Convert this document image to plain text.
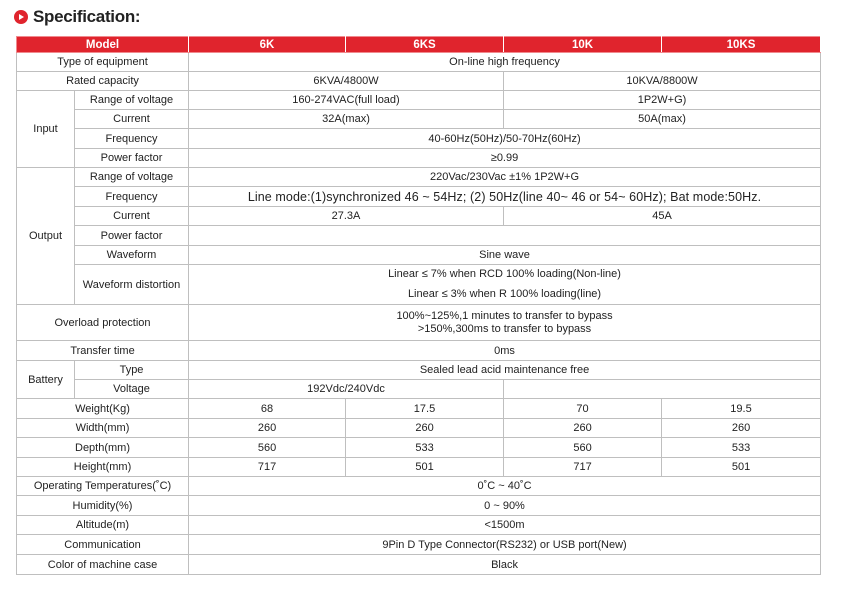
Specification:
Model		6K	6KS	10K	10KS
Type of equipment		On-line high frequency			
Rated capacity		6KVA/4800W		10KVA/8800W	
Input	Range of voltage	160-274VAC(full load)		1P2W+G)	
	Current	32A(max)		50A(max)	
	Frequency	40-60Hz(50Hz)/50-70Hz(60Hz)			
	Power factor	≥0.99			
Output	Range of voltage	220Vac/230Vac ±1% 1P2W+G			
	Frequency	Line mode:(1)synchronized 46 ~ 54Hz; (2) 50Hz(line 40~ 46 or 54~ 60Hz); Bat mode:50Hz.			
	Current	27.3A		45A	
	Power factor				
	Waveform	Sine wave			
	Waveform distortion	Linear ≤ 7% when RCD 100% loading(Non-line)
Linear ≤ 3% when R 100% loading(line)			

Overload protection		100%~125%,1 minutes to transfer to bypass
>150%,300ms to transfer to bypass			

Transfer time		0ms			
Battery	Type	Sealed lead acid maintenance free			
	Voltage	192Vdc/240Vdc			
Weight(Kg)		68	17.5	70	19.5
Width(mm)		260	260	260	260
Depth(mm)		560	533	560	533
Height(mm)		717	501	717	501
Operating Temperatures(˚C)		0˚C ~ 40˚C			
Humidity(%)		0 ~ 90%			
Altitude(m)		<1500m			
Communication		9Pin D Type Connector(RS232) or USB port(New)			
Color of machine case		Black			
